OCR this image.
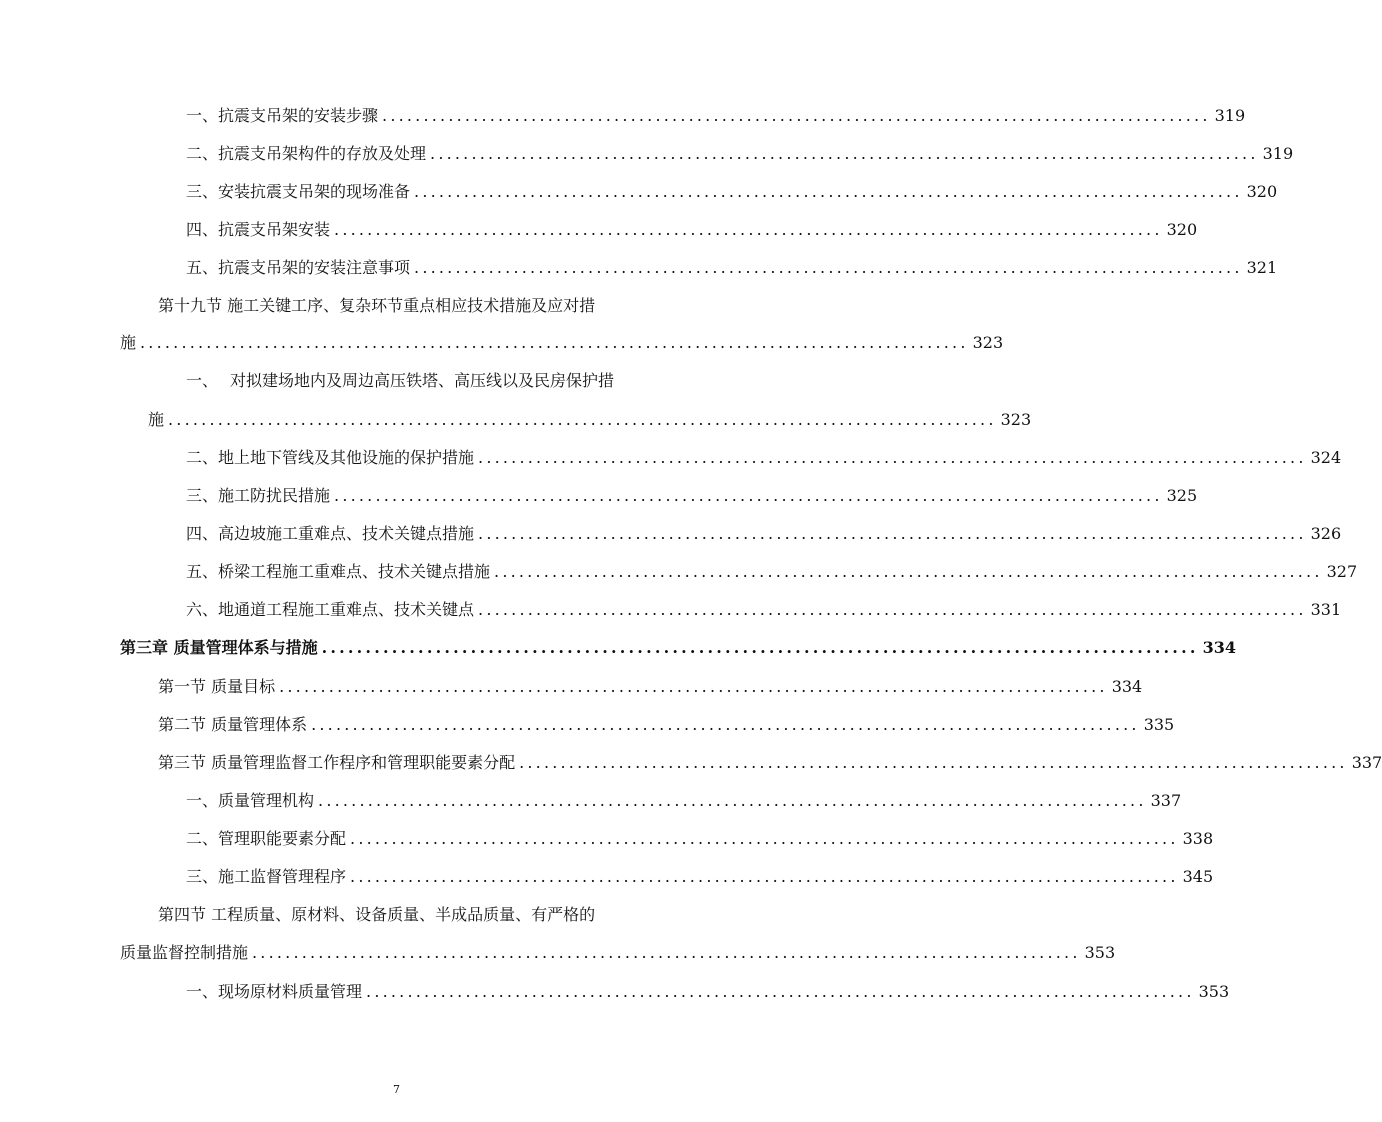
一、 抗震支吊架的安装步骤 .................................................................................................... 319
二、 抗震支吊架构件的存放及处理 .................................................................................................... 319
三、 安装抗震支吊架的现场准备 .................................................................................................... 320
四、 抗震支吊架安装 .................................................................................................... 320
五、 抗震支吊架的安装注意事项 .................................................................................................... 321
第十九节 施工关键工序、复杂环节重点相应技术措施及应对措
施 .................................................................................................... 323
一、 对拟建场地内及周边高压铁塔、高压线以及民房保护措
施 .................................................................................................... 323
二、 地上地下管线及其他设施的保护措施 .................................................................................................... 324
三、 施工防扰民措施 .................................................................................................... 325
四、 高边坡施工重难点、技术关键点措施 .................................................................................................... 326
五、 桥梁工程施工重难点、技术关键点措施 .................................................................................................... 327
六、 地通道工程施工重难点、技术关键点 .................................................................................................... 331
第三章 质量管理体系与措施 .................................................................................................... 334
第一节 质量目标 .................................................................................................... 334
第二节 质量管理体系 .................................................................................................... 335
第三节 质量管理监督工作程序和管理职能要素分配 .................................................................................................... 337
一、 质量管理机构 .................................................................................................... 337
二、 管理职能要素分配 .................................................................................................... 338
三、 施工监督管理程序 .................................................................................................... 345
第四节 工程质量、原材料、设备质量、半成品质量、有严格的
质量监督控制措施 .................................................................................................... 353
一、 现场原材料质量管理 .................................................................................................... 353
7
